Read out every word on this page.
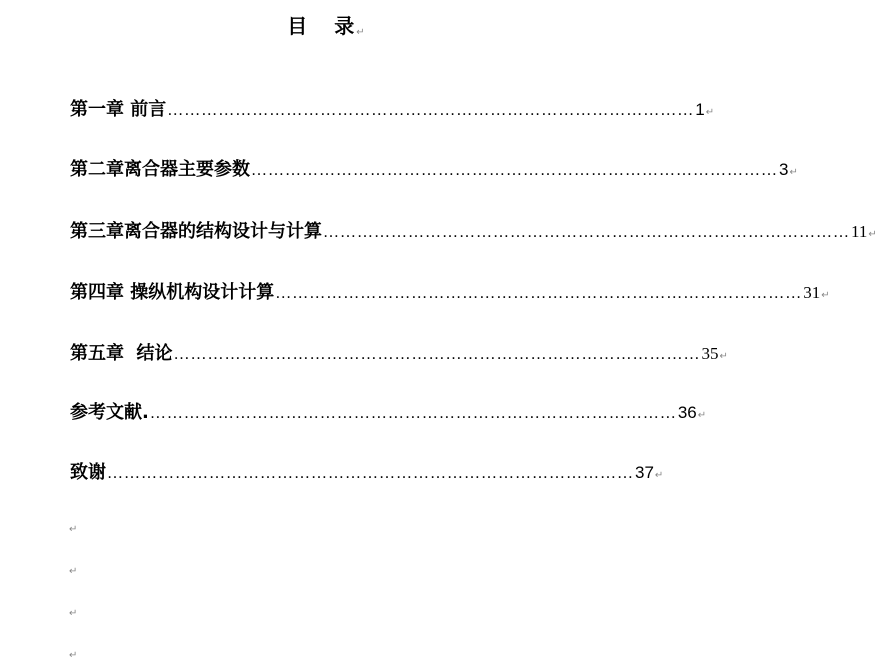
目 录↵
第一章 前言 ………………………………………………………………………………… 1 ↵
第二章离合器主要参数 ………………………………………………………………………………… 3 ↵
第三章离合器的结构设计与计算 ………………………………………………………………………………… 11 ↵
第四章 操纵机构设计计算 ………………………………………………………………………………… 31 ↵
第五章  结论 ………………………………………………………………………………… 35 ↵
参考文献. ………………………………………………………………………………… 36 ↵
致谢 ………………………………………………………………………………… 37 ↵
↵
↵
↵
↵
